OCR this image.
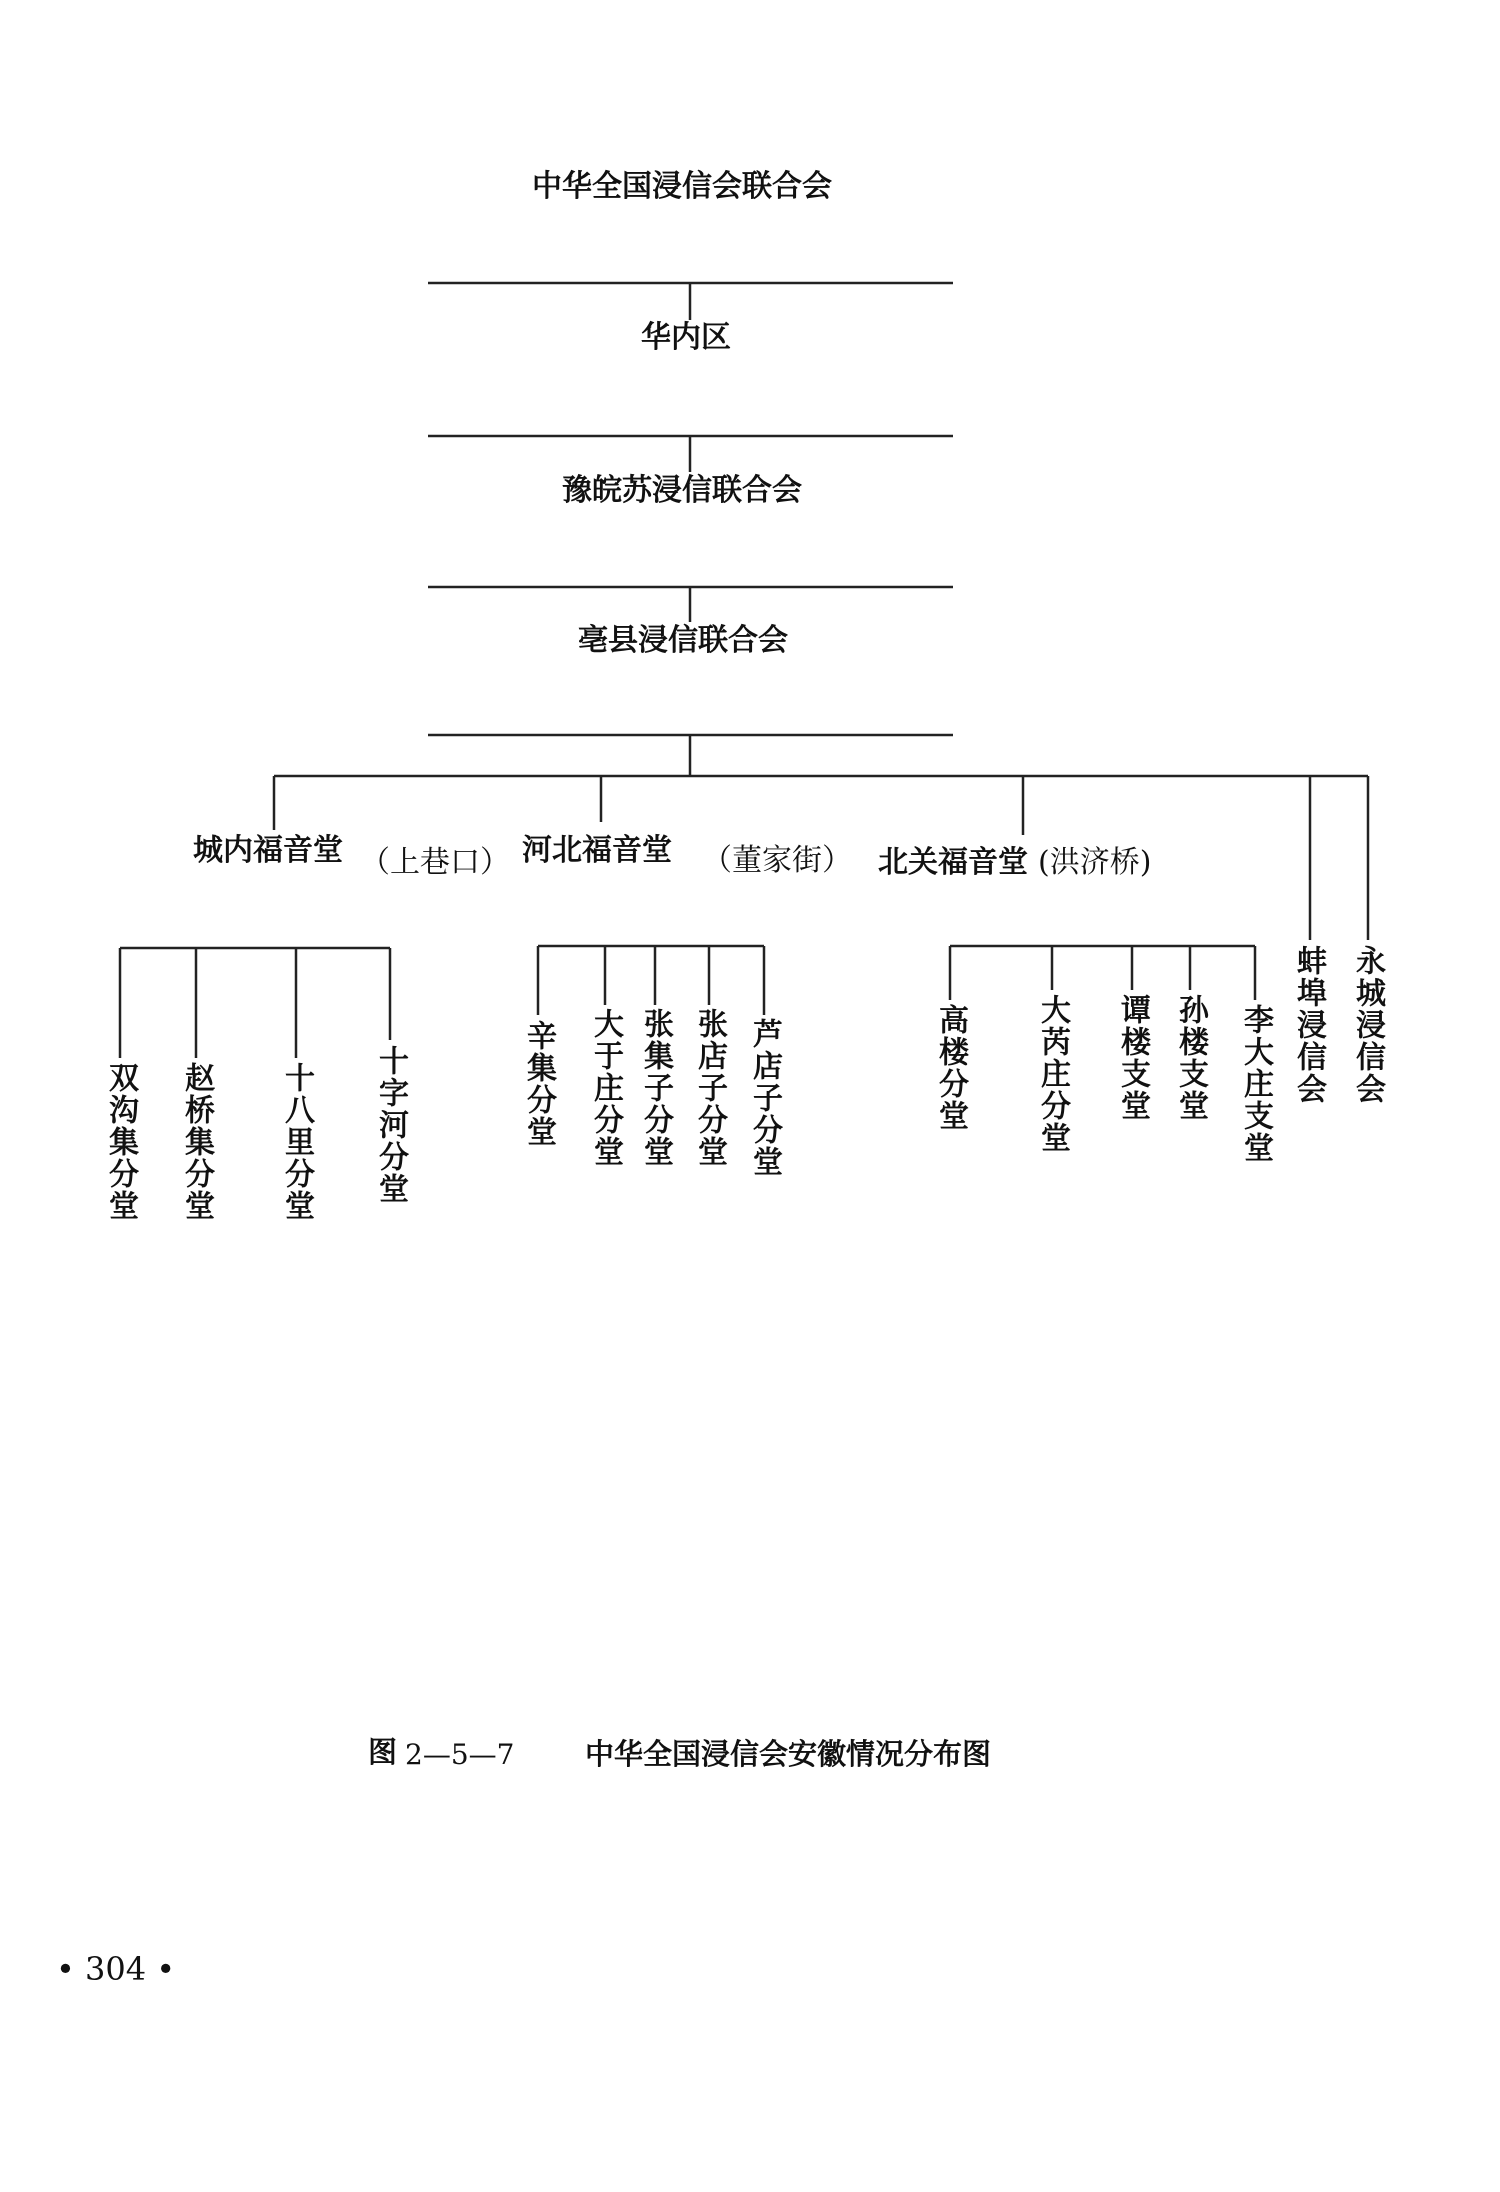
中华全国浸信会联合会
华内区
豫皖苏浸信联合会
亳县浸信联合会
城内福音堂 （上巷口） 河北福音堂 （董家街） 北关福音堂 (洪济桥)
蚌埠浸信会 永城浸信会
双沟集分堂 赵桥集分堂 十八里分堂 十字河分堂	辛集分堂 大于庄分堂 张集子分堂 张店子分堂 芦店子分堂	高楼分堂 大芮庄分堂 谭楼支堂 孙楼支堂 李大庄支堂
图 2—5—7 中华全国浸信会安徽情况分布图
• 304 •
